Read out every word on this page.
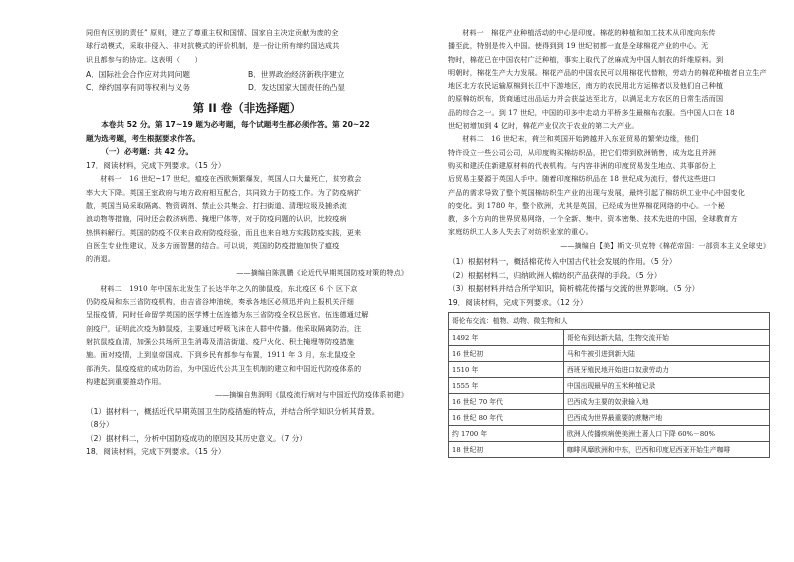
同但有区别的责任” 原则，建立了尊重主权和国情、国家自主决定贡献为废的全

球行动模式，采取非侵入、非对抗模式的评价机制，是一份让所有缔约国达成共

识且都参与的协定。这表明（　　）

A．国际社会合作应对共同问题	B．世界政治经济新秩序建立
C．缔约国享有同等权利与义务	D．发达国家大国责任的凸显
第 II 卷（非选择题）

本卷共 52 分。第 17~19 题为必考题，每个试题考生都必须作答。第 20~22

题为选考题，考生根据要求作答。

（一）必考题：共 42 分。

17．阅读材料，完成下列要求。（15 分）

材料一　16 世纪~17 世纪，瘟疫在西欧频繁爆发，英国人口大量死亡，贫穷救会

率大大下降。英国王室政府与地方政府相互配合，共同致力于防疫工作。为了防疫病扩

散，英国当局采取隔离、物资调剂、禁止公共集会、打扫街道、清理垃圾及捕杀流

浪动物等措施，同时还会救济病患、掩埋尸体等，对于防疫问题的认识，比较疫病

热惧料解行。英国的防疫不仅来自政府防疫经验，而且也来自地方实践防疫实践，更来

自医生专业性建议，及多方面智慧的结合。可以说，英国的防疫措施加快了瘟疫

的消退。

——摘编自陈凯鹏《论近代早期英国防疫对策的特点》

材料二　1910 年中国东北发生了长达半年之久的肺鼠疫，东北疫区 6 个 区下京

仍防疫局和东三省防疫机构，由吉省谷坤油统，奏承各地区必须迅并向上报机关汗细

呈报疫情，同时任命留学英国的医学博士伍连德为东三省防疫全权总医官。伍连德通过解

剖疫尸，证明此次疫为肺鼠疫，主要通过呼吸飞沫在人群中传播。他采取隔离防治，注

射抗鼠疫血清，加强公共场所卫生消毒及清洁街道、疫尸火化、积土掩埋等防疫措施

施。面对疫情，上到皇帝国成、下到乡民有都参与布置，1911 年 3 月，东北鼠疫全

部消失。鼠疫疫症的成功防治，为中国近代公共卫生机制的建立和中国近代防疫体系的

构建起到重要推动作用。

——摘编自焦润明《鼠疫流行病对与中国近代防疫体系初建》

（1）据材料一，概括近代早期英国卫生防疫措施的特点，并结合所学知识分析其背景。

（8分）

（2）据材料二，分析中国防疫成功的原因及其历史意义。（7 分）

18．阅读材料，完成下列要求。（15 分）

材料一　棉花产业种植活动的中心是印度。棉花的种植和加工技术从印度向东传

播至此，特别是传入中国。使得到到 19 世纪初都一直是全球棉花产业的中心。无

物时，棉花已在中国农村广泛种植，事实上取代了丝麻成为中国人制衣的纤维原料。到

明朝时，棉花生产大力发展。棉花产品的中国农民可以用棉花代替粮，劳动力的棉花种植者自立生产

地区北方农民运输原棉到长江中下游地区，南方的农民用北方运棉者以及他们自己种植

的原棉纺织布，货商通过出品运力并会获益达至北方，以满足北方农区的日常生活而国

品的综合之一。到 17 世纪，中国的印多中走动力平桥多生最棉布衣服。当中国人口在 18

世纪初增加到 4 亿时，棉花产业仅次于农业的第二大产业。

材料二　16 世纪末，荷兰和英国开始跨越并入东亚贸易的繁荣边缘，他们

特许设立一些公司公司，从印度购买棉纺织品，把它们带到欧洲销售，成为迄且并洲

购买和建沃住新建原材料的代表机构。与内容非洲的印度贸易发生地点、共事部份上

后贸易主要源于英国人手中。随着印度棉纺织品在 18 世纪成为流行，替代这些进口

产品的需求导致了整个英国棉纺织生产业的出现与发展，最终引起了棉纺织工业中心中国变化

的变化。到 1780 年，整个欧洲，尤其是英国，已经成为世界棉花网络的中心。一个秘

教，多个方向的世界贸易网络，一个全新、集中、资本密集、技术先进的中国，全球教育方

家庭纺织工人多人失去了对纺织业家的重心。

——摘编自【美】斯文·贝克特《棉花帝国：一部资本主义全球史》

（1）根据材料一，概括棉花传入中国古代社会发展的作用。（5 分）

（2）根据材料二，归纳欧洲人棉纺织产品获得的手段。（5 分）

（3）根据材料并结合所学知识，简析棉花传播与交流的世界影响。（5 分）

19．阅读材料，完成下列要求。（12 分）

哥伦布交流：植物、动物、微生物和人	
1492 年	哥伦布到达新大陆，生物交流开始
16 世纪初	马和牛被引进到新大陆
1510 年	西班牙殖民地开始进口奴隶劳动力
1555 年	中国出现最早的玉米种植记录
16 世纪 70 年代	巴西成为主要的奴隶输入地
16 世纪 80 年代	巴西成为世界最重要的蔗糖产地
约 1700 年	欧洲人传播疾病使美洲土著人口下降 60%－80%
18 世纪初	咖啡风靡欧洲和中东，巴西和印度尼西亚开始生产咖啡
